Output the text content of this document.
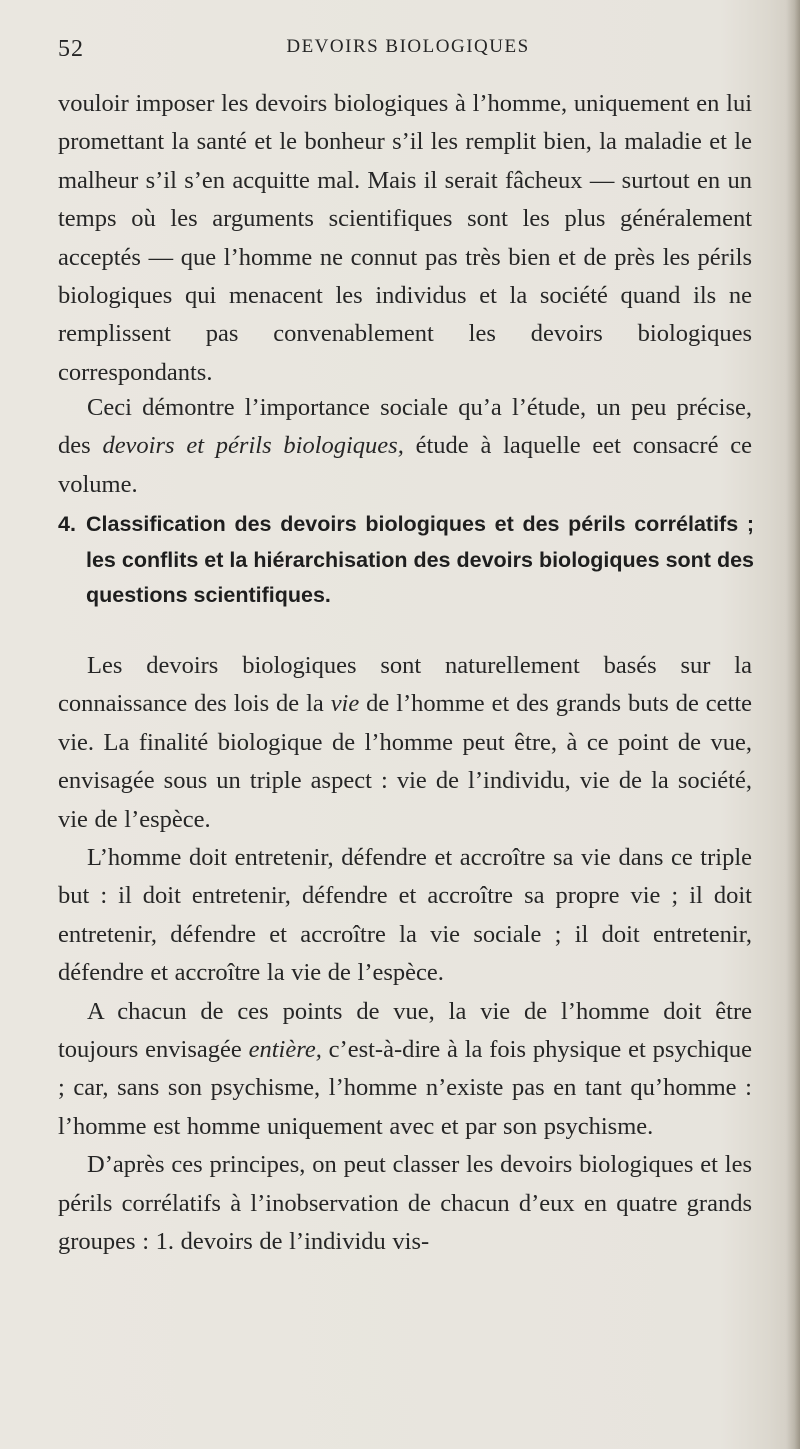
52	DEVOIRS BIOLOGIQUES

vouloir imposer les devoirs biologiques à l’homme, uniquement en lui promettant la santé et le bonheur s’il les remplit bien, la maladie et le malheur s’il s’en acquitte mal. Mais il serait fâcheux — surtout en un temps où les arguments scientifiques sont les plus généralement acceptés — que l’homme ne connut pas très bien et de près les périls biologiques qui menacent les individus et la société quand ils ne remplissent pas convenablement les devoirs biologiques correspondants.

Ceci démontre l’importance sociale qu’a l’étude, un peu précise, des devoirs et périls biologiques, étude à laquelle eet consacré ce volume.

4. Classification des devoirs biologiques et des périls corrélatifs ; les conflits et la hiérarchisation des devoirs biologiques sont des questions scientifiques.

Les devoirs biologiques sont naturellement basés sur la connaissance des lois de la vie de l’homme et des grands buts de cette vie. La finalité biologique de l’homme peut être, à ce point de vue, envisagée sous un triple aspect : vie de l’individu, vie de la société, vie de l’espèce.

L’homme doit entretenir, défendre et accroître sa vie dans ce triple but : il doit entretenir, défendre et accroître sa propre vie ; il doit entretenir, défendre et accroître la vie sociale ; il doit entretenir, défendre et accroître la vie de l’espèce.

A chacun de ces points de vue, la vie de l’homme doit être toujours envisagée entière, c’est-à-dire à la fois physique et psychique ; car, sans son psychisme, l’homme n’existe pas en tant qu’homme : l’homme est homme uniquement avec et par son psychisme.

D’après ces principes, on peut classer les devoirs biologiques et les périls corrélatifs à l’inobservation de chacun d’eux en quatre grands groupes : 1. devoirs de l’individu vis-
